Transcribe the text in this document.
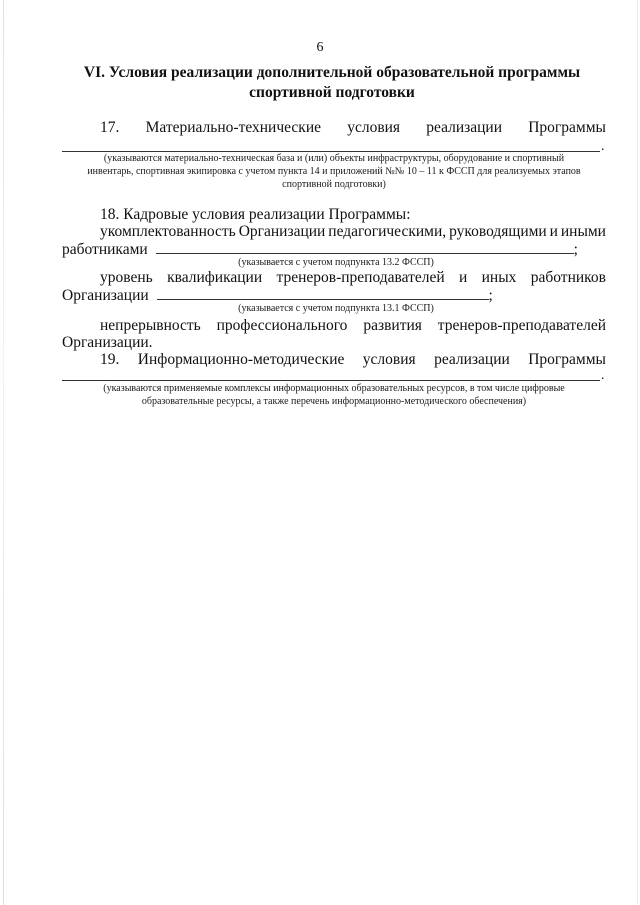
6
VI. Условия реализации дополнительной образовательной программы
спортивной подготовки
17. Материально-технические условия реализации Программы
.
(указываются материально-техническая база и (или) объекты инфраструктуры, оборудование и спортивный
инвентарь, спортивная экипировка с учетом пункта 14 и приложений №№ 10 – 11 к ФССП для реализуемых этапов
спортивной подготовки)
18. Кадровые условия реализации Программы:
укомплектованность Организации педагогическими, руководящими и иными
работниками	;
(указывается с учетом подпункта 13.2 ФССП)
уровень квалификации тренеров-преподавателей и иных работников
Организации	;
(указывается с учетом подпункта 13.1 ФССП)
непрерывность профессионального развития тренеров-преподавателей
Организации.
19. Информационно-методические условия реализации Программы
.
(указываются применяемые комплексы информационных образовательных ресурсов, в том числе цифровые
образовательные ресурсы, а также перечень информационно-методического обеспечения)
